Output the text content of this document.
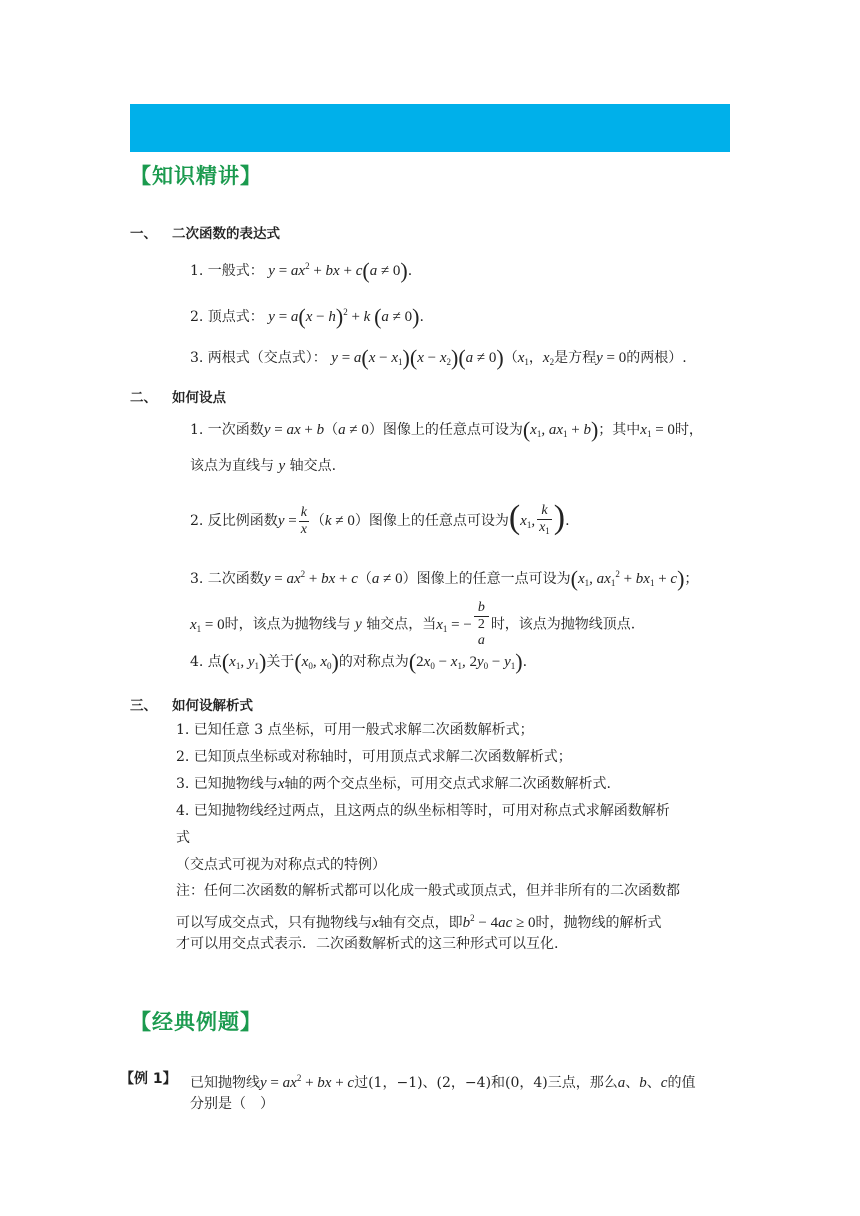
【知识精讲】
一、 二次函数的表达式
1. 一般式： $y = ax^2$ + bx + c(a ≠ 0).
2. 顶点式： $y = a(x - h)^2 + k$ (a ≠ 0).
3. 两根式（交点式）： $y = a(x - x_1)(x - x_2)(a \ne 0)(x_1$，$x_2$是方程y = 0的两根）.
二、 如何设点
1. 一次函数y = ax + b（a ≠ 0）图像上的任意点可设为($x_1$, $ax_1 + b$)；其中$x_1 = 0$时，
该点为直线与 y 轴交点.
2. 反比例函数$y = \frac{k}{x} (k \ne 0)$图像上的任意点可设为($x_1$, $\frac{k}{x_1}$ ).
3. 二次函数$y = ax^2$ + bx + c（a ≠ 0）图像上的任意一点可设为($x_1$, $ax_1^2 + bx_1 + c$)；
$x_1 = 0$时，该点为抛物线与 y 轴交点，当$x_1$ = − b
2
a 时，该点为抛物线顶点.
4. 点($x_1$, $y_1$)关于($x_0$, $x_0$)的对称点为($2x_0 - x_1$, $2y_0 - y_1$).
三、 如何设解析式
1. 已知任意 3 点坐标，可用一般式求解二次函数解析式；
2. 已知顶点坐标或对称轴时，可用顶点式求解二次函数解析式；
3. 已知抛物线与x轴的两个交点坐标，可用交点式求解二次函数解析式.
4. 已知抛物线经过两点，且这两点的纵坐标相等时，可用对称点式求解函数解析
式
（交点式可视为对称点式的特例）
注：任何二次函数的解析式都可以化成一般式或顶点式，但并非所有的二次函数都
可以写成交点式，只有抛物线与x轴有交点，即$b^2 - 4ac \ge 0$时，抛物线的解析式
才可以用交点式表示．二次函数解析式的这三种形式可以互化.
【经典例题】
【例 1】 已知抛物线$y = ax^2$ + bx + c过(1，−1)、(2，−4)和(0，4)三点，那么a、b、c的值
分别是（　）
